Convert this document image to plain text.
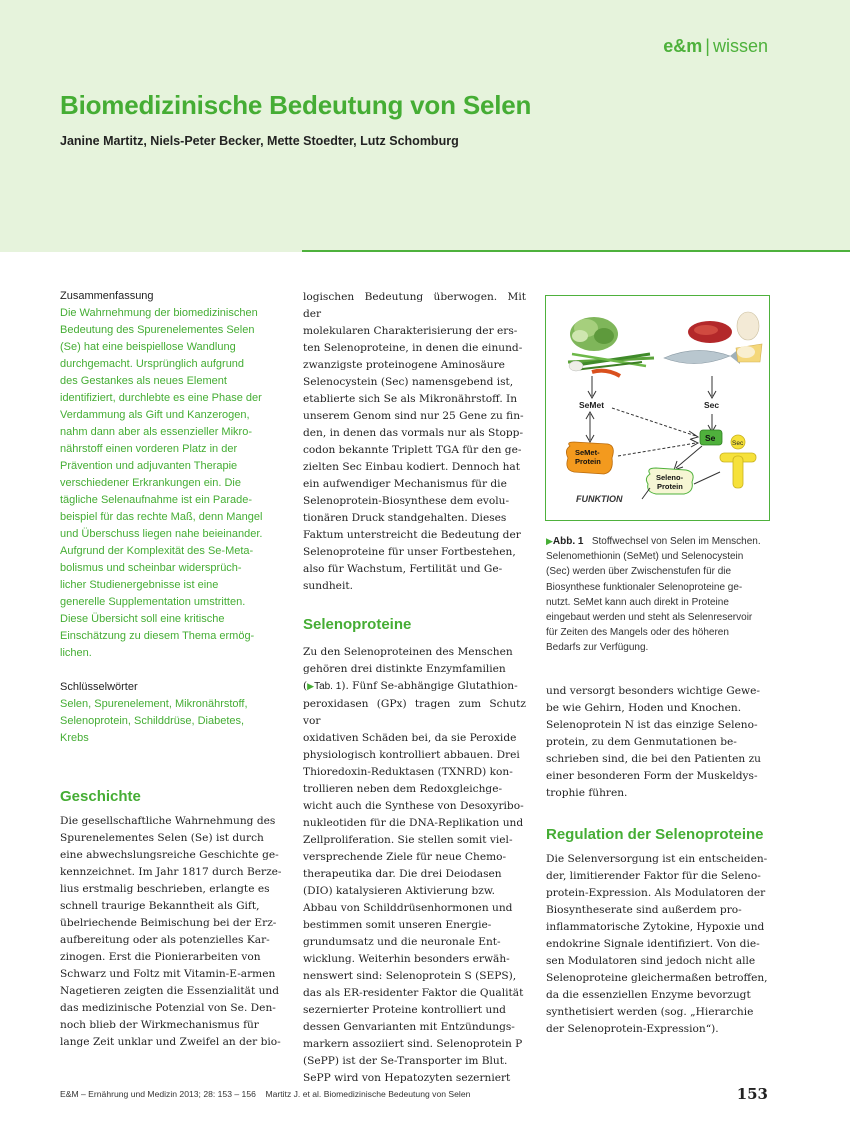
e&m | wissen
Biomedizinische Bedeutung von Selen
Janine Martitz, Niels-Peter Becker, Mette Stoedter, Lutz Schomburg
Zusammenfassung
Die Wahrnehmung der biomedizinischen
Bedeutung des Spurenelementes Selen
(Se) hat eine beispiellose Wandlung
durchgemacht. Ursprünglich aufgrund
des Gestankes als neues Element
identifiziert, durchlebte es eine Phase der
Verdammung als Gift und Kanzerogen,
nahm dann aber als essenzieller Mikro-
nährstoff einen vorderen Platz in der
Prävention und adjuvanten Therapie
verschiedener Erkrankungen ein. Die
tägliche Selenaufnahme ist ein Parade-
beispiel für das rechte Maß, denn Mangel
und Überschuss liegen nahe beieinander.
Aufgrund der Komplexität des Se-Meta-
bolismus und scheinbar widersprüch-
licher Studienergebnisse ist eine
generelle Supplementation umstritten.
Diese Übersicht soll eine kritische
Einschätzung zu diesem Thema ermög-
lichen.
Schlüsselwörter
Selen, Spurenelement, Mikronährstoff,
Selenoprotein, Schilddrüse, Diabetes,
Krebs
Geschichte
Die gesellschaftliche Wahrnehmung des
Spurenelementes Selen (Se) ist durch
eine abwechslungsreiche Geschichte ge-
kennzeichnet. Im Jahr 1817 durch Berze-
lius erstmalig beschrieben, erlangte es
schnell traurige Bekanntheit als Gift,
übelriechende Beimischung bei der Erz-
aufbereitung oder als potenzielles Kar-
zinogen. Erst die Pionierarbeiten von
Schwarz und Foltz mit Vitamin-E-armen
Nagetieren zeigten die Essenzialität und
das medizinische Potenzial von Se. Den-
noch blieb der Wirkmechanismus für
lange Zeit unklar und Zweifel an der bio-
logischen Bedeutung überwogen. Mit der
molekularen Charakterisierung der ers-
ten Selenoproteine, in denen die einund-
zwanzigste proteinogene Aminosäure
Selenocystein (Sec) namensgebend ist,
etablierte sich Se als Mikronährstoff. In
unserem Genom sind nur 25 Gene zu fin-
den, in denen das vormals nur als Stopp-
codon bekannte Triplett TGA für den ge-
zielten Sec Einbau kodiert. Dennoch hat
ein aufwendiger Mechanismus für die
Selenoprotein-Biosynthese dem evolu-
tionären Druck standgehalten. Dieses
Faktum unterstreicht die Bedeutung der
Selenoproteine für unser Fortbestehen,
also für Wachstum, Fertilität und Ge-
sundheit.
Selenoproteine
Zu den Selenoproteinen des Menschen
gehören drei distinkte Enzymfamilien
(▶Tab. 1). Fünf Se-abhängige Glutathion-
peroxidasen (GPx) tragen zum Schutz vor
oxidativen Schäden bei, da sie Peroxide
physiologisch kontrolliert abbauen. Drei
Thioredoxin-Reduktasen (TXNRD) kon-
trollieren neben dem Redoxgleichge-
wicht auch die Synthese von Desoxyribo-
nukleotiden für die DNA-Replikation und
Zellproliferation. Sie stellen somit viel-
versprechende Ziele für neue Chemo-
therapeutika dar. Die drei Deiodasen
(DIO) katalysieren Aktivierung bzw.
Abbau von Schilddrüsenhormonen und
bestimmen somit unseren Energie-
grundumsatz und die neuronale Ent-
wicklung. Weiterhin besonders erwäh-
nenswert sind: Selenoprotein S (SEPS),
das als ER-residenter Faktor die Qualität
sezernierter Proteine kontrolliert und
dessen Genvarianten mit Entzündungs-
markern assoziiert sind. Selenoprotein P
(SePP) ist der Se-Transporter im Blut.
SePP wird von Hepatozyten sezerniert
SeMet	Sec
Se
SeMet-
Protein
Seleno-
Protein
Sec
FUNKTION
▶Abb. 1 Stoffwechsel von Selen im Menschen.
Selenomethionin (SeMet) und Selenocystein
(Sec) werden über Zwischenstufen für die
Biosynthese funktionaler Selenoproteine ge-
nutzt. SeMet kann auch direkt in Proteine
eingebaut werden und steht als Selenreservoir
für Zeiten des Mangels oder des höheren
Bedarfs zur Verfügung.
und versorgt besonders wichtige Gewe-
be wie Gehirn, Hoden und Knochen.
Selenoprotein N ist das einzige Seleno-
protein, zu dem Genmutationen be-
schrieben sind, die bei den Patienten zu
einer besonderen Form der Muskeldys-
trophie führen.
Regulation der Selenoproteine
Die Selenversorgung ist ein entscheiden-
der, limitierender Faktor für die Seleno-
protein-Expression. Als Modulatoren der
Biosyntheserate sind außerdem pro-
inflammatorische Zytokine, Hypoxie und
endokrine Signale identifiziert. Von die-
sen Modulatoren sind jedoch nicht alle
Selenoproteine gleichermaßen betroffen,
da die essenziellen Enzyme bevorzugt
synthetisiert werden (sog. „Hierarchie
der Selenoprotein-Expression“).
E&M – Ernährung und Medizin 2013; 28: 153 – 156 Martitz J. et al. Biomedizinische Bedeutung von Selen	153
